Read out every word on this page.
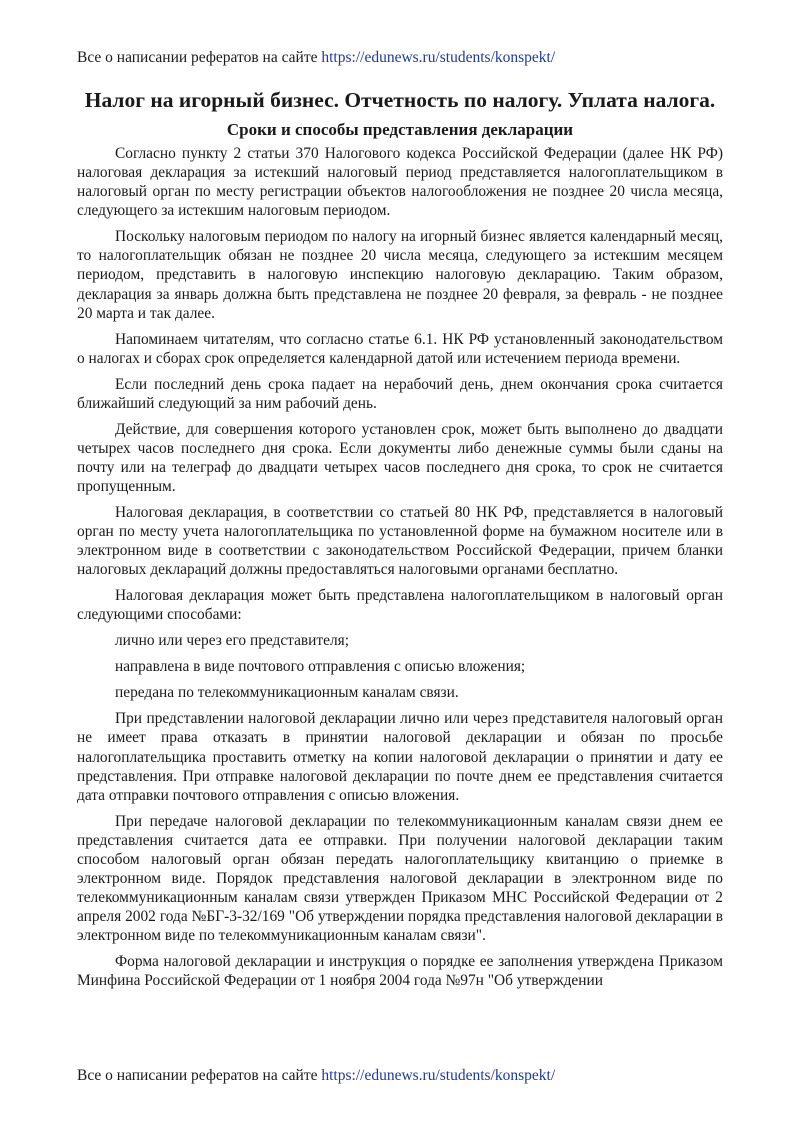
Все о написании рефератов на сайте https://edunews.ru/students/konspekt/
Налог на игорный бизнес. Отчетность по налогу. Уплата налога.
Сроки и способы представления декларации

Согласно пункту 2 статьи 370 Налогового кодекса Российской Федерации (далее НК РФ) налоговая декларация за истекший налоговый период представляется налогоплательщиком в налоговый орган по месту регистрации объектов налогообложения не позднее 20 числа месяца, следующего за истекшим налоговым периодом.

Поскольку налоговым периодом по налогу на игорный бизнес является календарный месяц, то налогоплательщик обязан не позднее 20 числа месяца, следующего за истекшим месяцем периодом, представить в налоговую инспекцию налоговую декларацию. Таким образом, декларация за январь должна быть представлена не позднее 20 февраля, за февраль - не позднее 20 марта и так далее.

Напоминаем читателям, что согласно статье 6.1. НК РФ установленный законодательством о налогах и сборах срок определяется календарной датой или истечением периода времени.

Если последний день срока падает на нерабочий день, днем окончания срока считается ближайший следующий за ним рабочий день.

Действие, для совершения которого установлен срок, может быть выполнено до двадцати четырех часов последнего дня срока. Если документы либо денежные суммы были сданы на почту или на телеграф до двадцати четырех часов последнего дня срока, то срок не считается пропущенным.

Налоговая декларация, в соответствии со статьей 80 НК РФ, представляется в налоговый орган по месту учета налогоплательщика по установленной форме на бумажном носителе или в электронном виде в соответствии с законодательством Российской Федерации, причем бланки налоговых деклараций должны предоставляться налоговыми органами бесплатно.

Налоговая декларация может быть представлена налогоплательщиком в налоговый орган следующими способами:

лично или через его представителя;
направлена в виде почтового отправления с описью вложения;
передана по телекоммуникационным каналам связи.

При представлении налоговой декларации лично или через представителя налоговый орган не имеет права отказать в принятии налоговой декларации и обязан по просьбе налогоплательщика проставить отметку на копии налоговой декларации о принятии и дату ее представления. При отправке налоговой декларации по почте днем ее представления считается дата отправки почтового отправления с описью вложения.

При передаче налоговой декларации по телекоммуникационным каналам связи днем ее представления считается дата ее отправки. При получении налоговой декларации таким способом налоговый орган обязан передать налогоплательщику квитанцию о приемке в электронном виде. Порядок представления налоговой декларации в электронном виде по телекоммуникационным каналам связи утвержден Приказом МНС Российской Федерации от 2 апреля 2002 года №БГ-3-32/169 "Об утверждении порядка представления налоговой декларации в электронном виде по телекоммуникационным каналам связи".

Форма налоговой декларации и инструкция о порядке ее заполнения утверждена Приказом Минфина Российской Федерации от 1 ноября 2004 года №97н "Об утверждении

Все о написании рефератов на сайте https://edunews.ru/students/konspekt/
